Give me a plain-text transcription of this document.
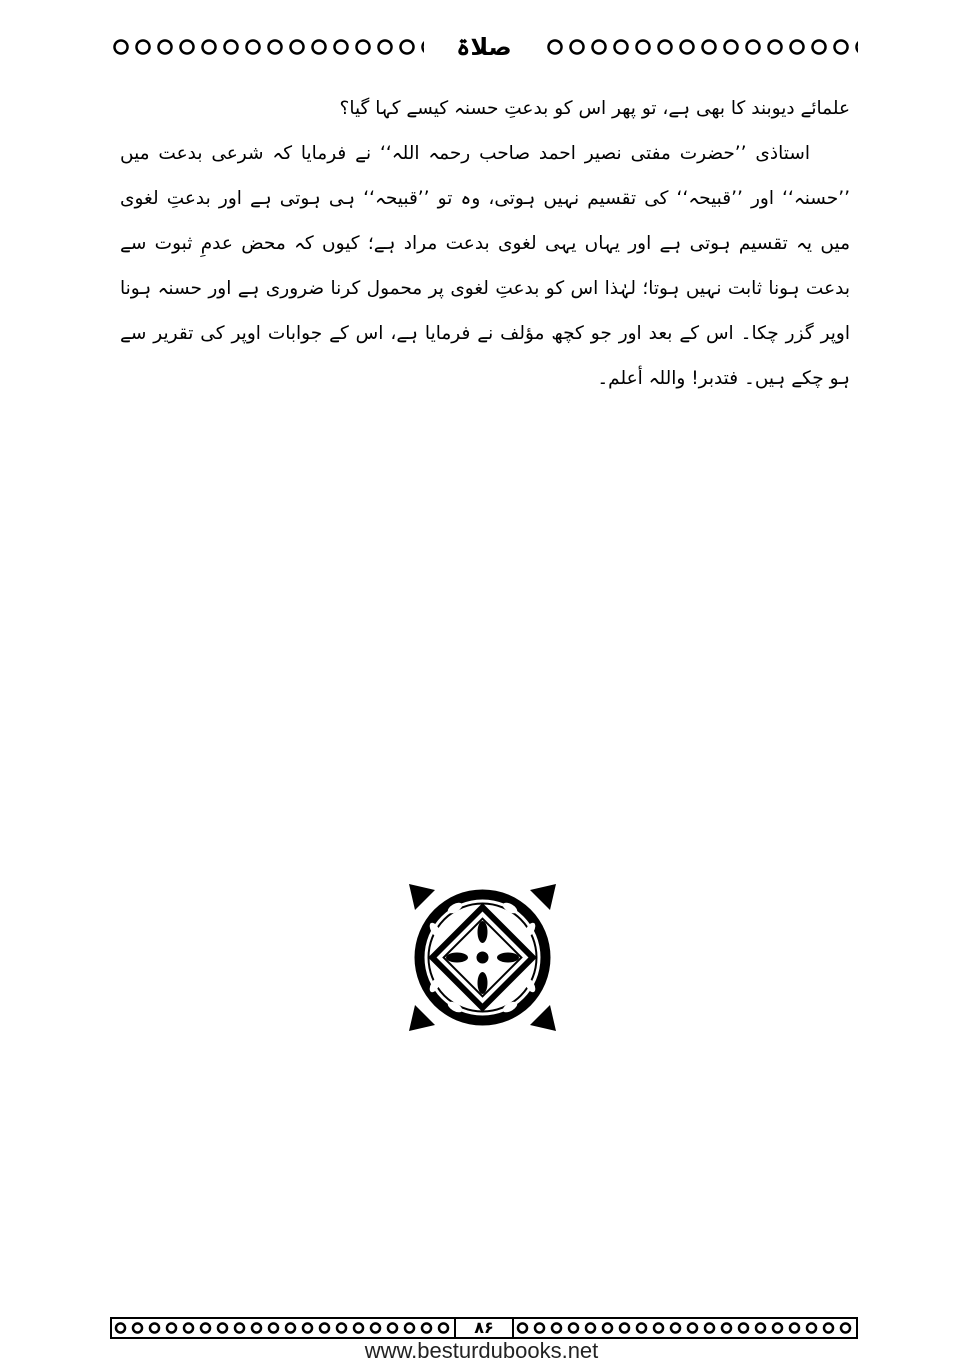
صلاۃ

علمائے دیوبند کا بھی ہے، تو پھر اس کو بدعتِ حسنہ کیسے کہا گیا؟

استاذی ’’حضرت مفتی نصیر احمد صاحب رحمہ اللہ‘‘ نے فرمایا کہ شرعی بدعت میں ’’حسنہ‘‘ اور ’’قبیحہ‘‘ کی تقسیم نہیں ہوتی، وہ تو ’’قبیحہ‘‘ ہی ہوتی ہے اور بدعتِ لغوی میں یہ تقسیم ہوتی ہے اور یہاں یہی لغوی بدعت مراد ہے؛ کیوں کہ محض عدمِ ثبوت سے بدعت ہونا ثابت نہیں ہوتا؛ لہٰذا اس کو بدعتِ لغوی پر محمول کرنا ضروری ہے اور حسنہ ہونا اوپر گزر چکا۔ اس کے بعد اور جو کچھ مؤلف نے فرمایا ہے، اس کے جوابات اوپر کی تقریر سے ہو چکے ہیں۔ فتدبر! واللہ أعلم۔

۸۶
www.besturdubooks.net
